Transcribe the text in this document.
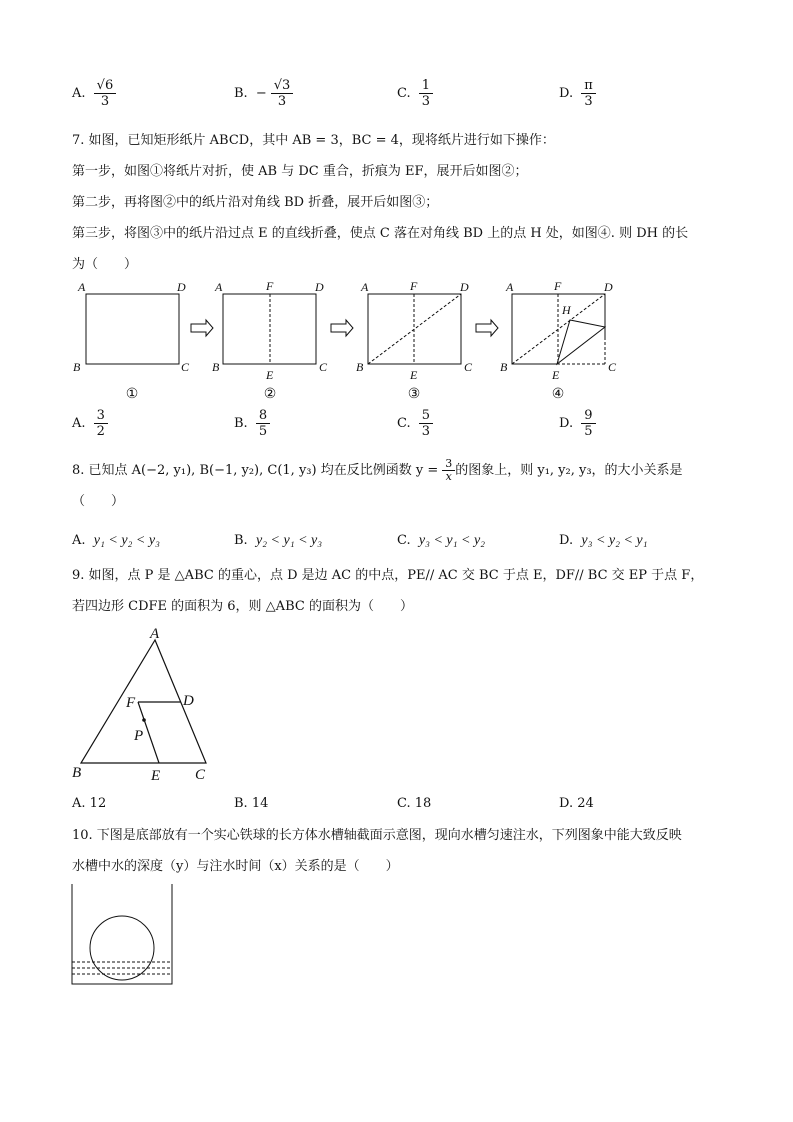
A. $\frac{√6}{3}$	B. − $\frac{√3}{3}$	C. $\frac{1}{3}$	D. $\frac{\pi}{3}$
7. 如图，已知矩形纸片 ABCD，其中 AB = 3，BC = 4，现将纸片进行如下操作：
第一步，如图①将纸片对折，使 AB 与 DC 重合，折痕为 EF，展开后如图②；
第二步，再将图②中的纸片沿对角线 BD 折叠，展开后如图③；
第三步，将图③中的纸片沿过点 E 的直线折叠，使点 C 落在对角线 BD 上的点 H 处，如图④. 则 DH 的长
为（　　）
A	D
B	C
A	F	D
B
E
C
A	F	D
B
E
C
A	F	D
H
B
E
C
①	②	③	④
A. $\frac{3}{2}$	B. $\frac{8}{5}$	C. $\frac{5}{3}$	D. $\frac{9}{5}$
8. 已知点 A(−2, y₁), B(−1, y₂), C(1, y₃) 均在反比例函数 $y = \frac{3}{x}$ 的图象上，则 y₁, y₂, y₃，的大小关系是
（　　）
A. y₁ < y₂ < y₃	B. y₂ < y₁ < y₃	C. y₃ < y₁ < y₂	D. y₃ < y₂ < y₁
9. 如图，点 P 是 △ABC 的重心，点 D 是边 AC 的中点，PE// AC 交 BC 于点 E，DF// BC 交 EP 于点 F，
若四边形 CDFE 的面积为 6，则 △ABC 的面积为（　　）
A
F	D
P
B	E C
A. 12	B. 14	C. 18	D. 24
10. 下图是底部放有一个实心铁球的长方体水槽轴截面示意图，现向水槽匀速注水，下列图象中能大致反映
水槽中水的深度（y）与注水时间（x）关系的是（　　）
